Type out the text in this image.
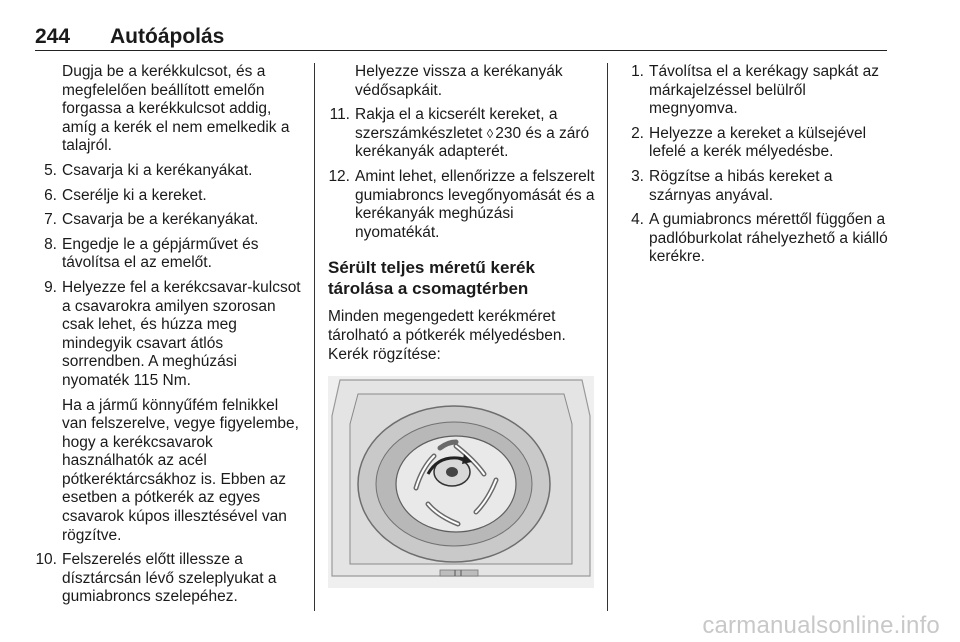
244 Autóápolás

Dugja be a kerékkulcsot, és a megfelelően beállított emelőn forgassa a kerékkulcsot addig, amíg a kerék el nem emelkedik a talajról.

5. Csavarja ki a kerékanyákat.
6. Cserélje ki a kereket.
7. Csavarja be a kerékanyákat.
8. Engedje le a gépjárművet és távolítsa el az emelőt.
9. Helyezze fel a kerékcsavar-kulcsot a csavarokra amilyen szorosan csak lehet, és húzza meg mindegyik csavart átlós sorrendben. A meghúzási nyomaték 115 Nm.

Ha a jármű könnyűfém felnikkel van felszerelve, vegye figyelembe, hogy a kerékcsavarok használhatók az acél pótkeréktárcsákhoz is. Ebben az esetben a pótkerék az egyes csavarok kúpos illesztésével van rögzítve.

10. Felszerelés előtt illessze a dísztárcsán lévő szeleplyukat a gumiabroncs szelepéhez.

Helyezze vissza a kerékanyák védősapkáit.

11. Rakja el a kicserélt kereket, a szerszámkészletet ◊ 230 és a záró kerékanyák adapterét.
12. Amint lehet, ellenőrizze a felszerelt gumiabroncs levegőnyomását és a kerékanyák meghúzási nyomatékát.
Sérült teljes méretű kerék tárolása a csomagtérben

Minden megengedett kerékméret tárolható a pótkerék mélyedésben. Kerék rögzítése:

1. Távolítsa el a kerékagy sapkát az márkajelzéssel belülről megnyomva.
2. Helyezze a kereket a külsejével lefelé a kerék mélyedésbe.
3. Rögzítse a hibás kereket a szárnyas anyával.
4. A gumiabroncs mérettől függően a padlóburkolat ráhelyezhető a kiálló kerékre.
carmanualsonline.info
